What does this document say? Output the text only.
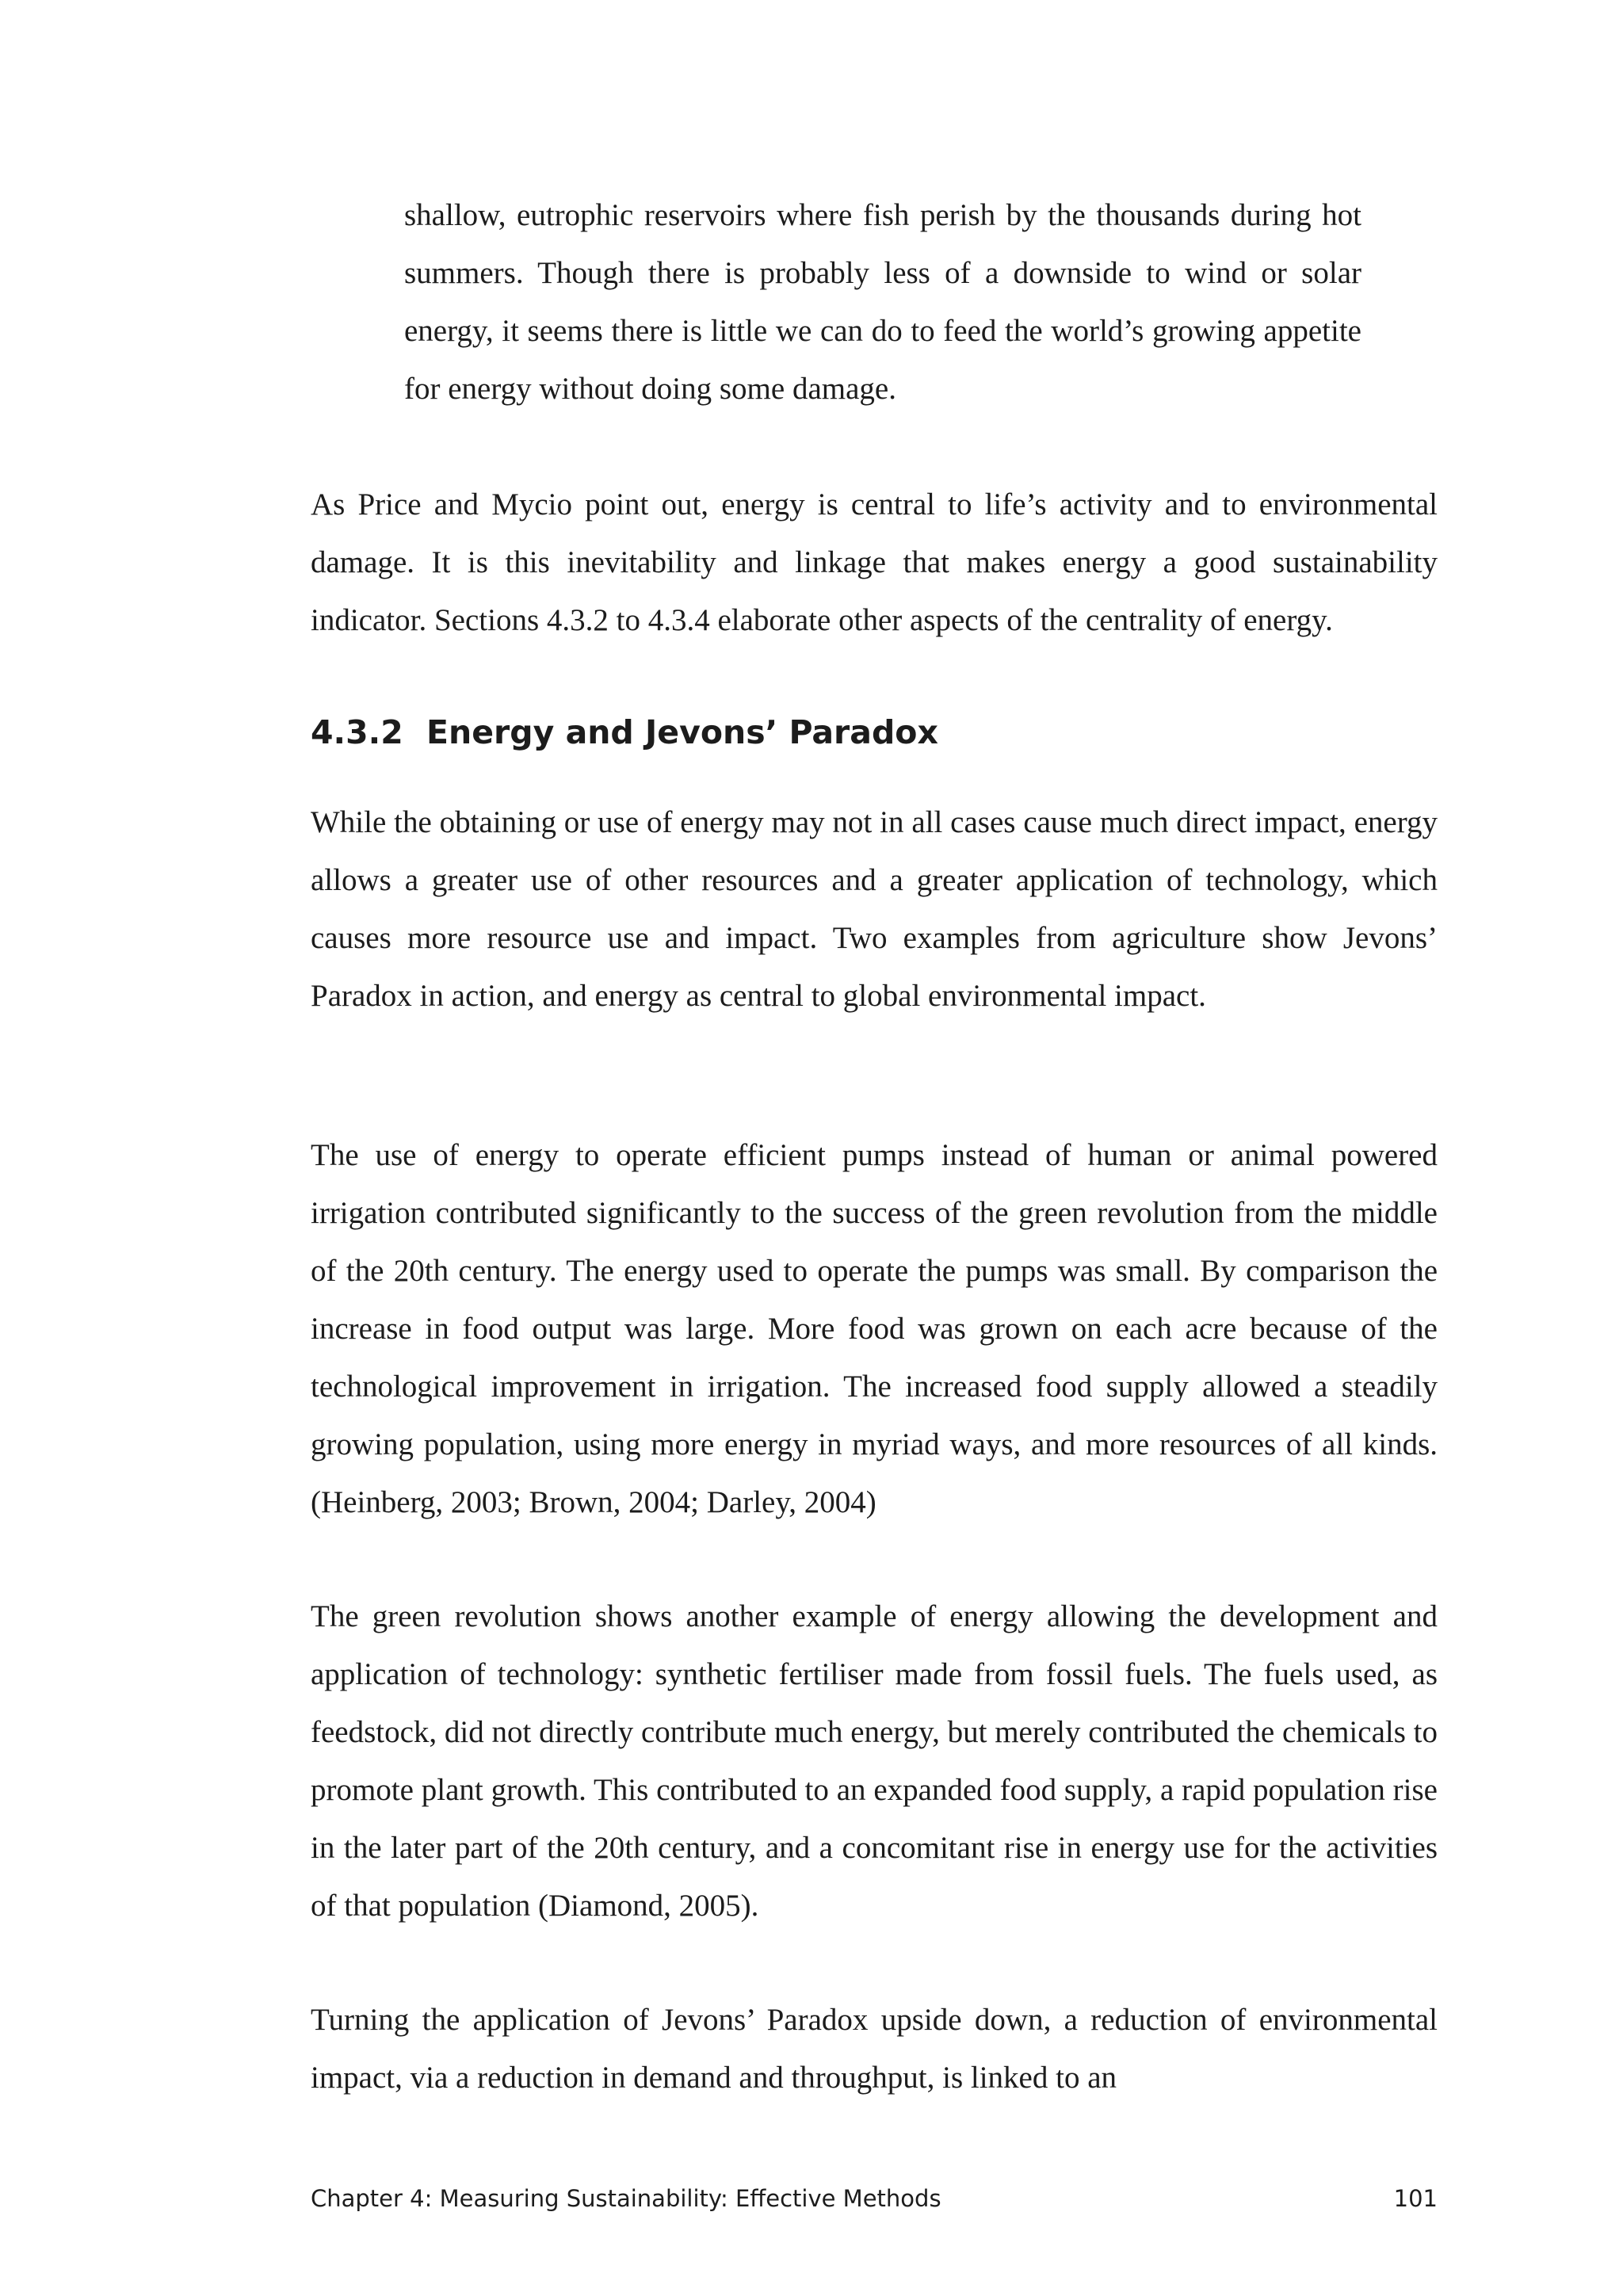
shallow, eutrophic reservoirs where fish perish by the thousands during hot summers. Though there is probably less of a downside to wind or solar energy, it seems there is little we can do to feed the world’s growing appetite for energy without doing some damage.

As Price and Mycio point out, energy is central to life’s activity and to environmental damage. It is this inevitability and linkage that makes energy a good sustainability indicator. Sections 4.3.2 to 4.3.4 elaborate other aspects of the centrality of energy.

4.3.2 Energy and Jevons’ Paradox

While the obtaining or use of energy may not in all cases cause much direct impact, energy allows a greater use of other resources and a greater application of technology, which causes more resource use and impact. Two examples from agriculture show Jevons’ Paradox in action, and energy as central to global environmental impact.

The use of energy to operate efficient pumps instead of human or animal powered irrigation contributed significantly to the success of the green revolution from the middle of the 20th century. The energy used to operate the pumps was small. By comparison the increase in food output was large. More food was grown on each acre because of the technological improvement in irrigation. The increased food supply allowed a steadily growing population, using more energy in myriad ways, and more resources of all kinds. (Heinberg, 2003; Brown, 2004; Darley, 2004)

The green revolution shows another example of energy allowing the development and application of technology: synthetic fertiliser made from fossil fuels. The fuels used, as feedstock, did not directly contribute much energy, but merely contributed the chemicals to promote plant growth. This contributed to an expanded food supply, a rapid population rise in the later part of the 20th century, and a concomitant rise in energy use for the activities of that population (Diamond, 2005).

Turning the application of Jevons’ Paradox upside down, a reduction of environmental impact, via a reduction in demand and throughput, is linked to an

Chapter 4: Measuring Sustainability: Effective Methods	101
